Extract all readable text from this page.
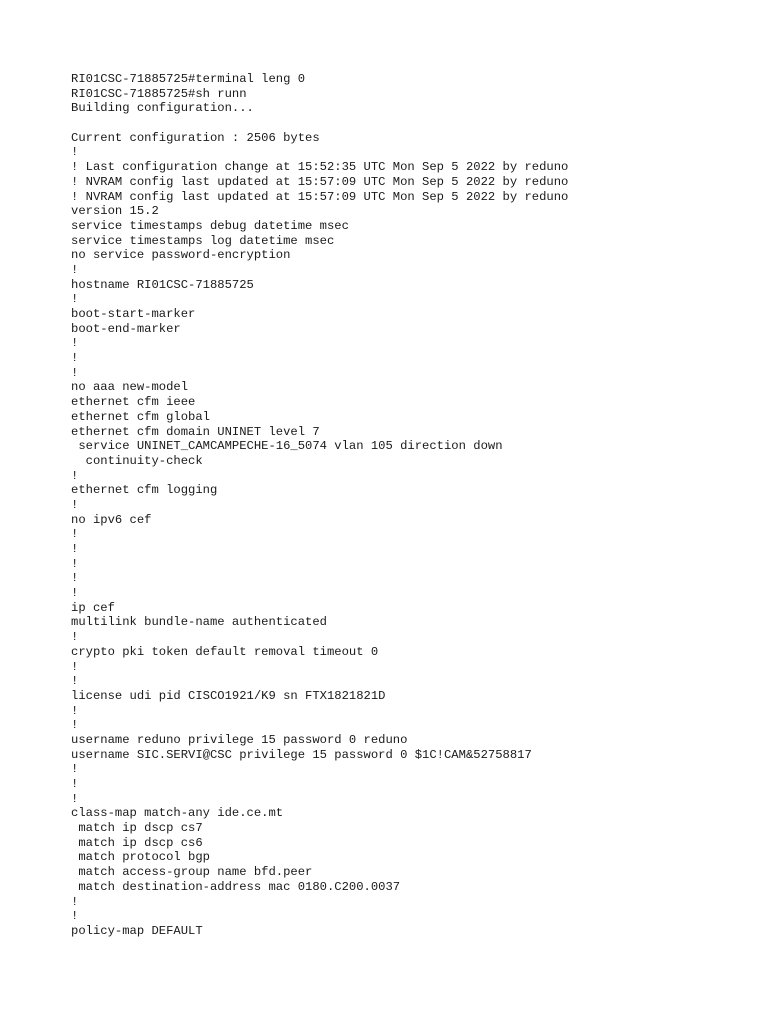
RI01CSC-71885725#terminal leng 0
RI01CSC-71885725#sh runn
Building configuration...

Current configuration : 2506 bytes
!
! Last configuration change at 15:52:35 UTC Mon Sep 5 2022 by reduno
! NVRAM config last updated at 15:57:09 UTC Mon Sep 5 2022 by reduno
! NVRAM config last updated at 15:57:09 UTC Mon Sep 5 2022 by reduno
version 15.2
service timestamps debug datetime msec
service timestamps log datetime msec
no service password-encryption
!
hostname RI01CSC-71885725
!
boot-start-marker
boot-end-marker
!
!
!
no aaa new-model
ethernet cfm ieee
ethernet cfm global
ethernet cfm domain UNINET level 7
service UNINET_CAMCAMPECHE-16_5074 vlan 105 direction down
continuity-check
!
ethernet cfm logging
!
no ipv6 cef
!
!
!
!
!
ip cef
multilink bundle-name authenticated
!
crypto pki token default removal timeout 0
!
!
license udi pid CISCO1921/K9 sn FTX1821821D
!
!
username reduno privilege 15 password 0 reduno
username SIC.SERVI@CSC privilege 15 password 0 $1C!CAM&52758817
!
!
!
class-map match-any ide.ce.mt
match ip dscp cs7
match ip dscp cs6
match protocol bgp
match access-group name bfd.peer
match destination-address mac 0180.C200.0037
!
!
policy-map DEFAULT
